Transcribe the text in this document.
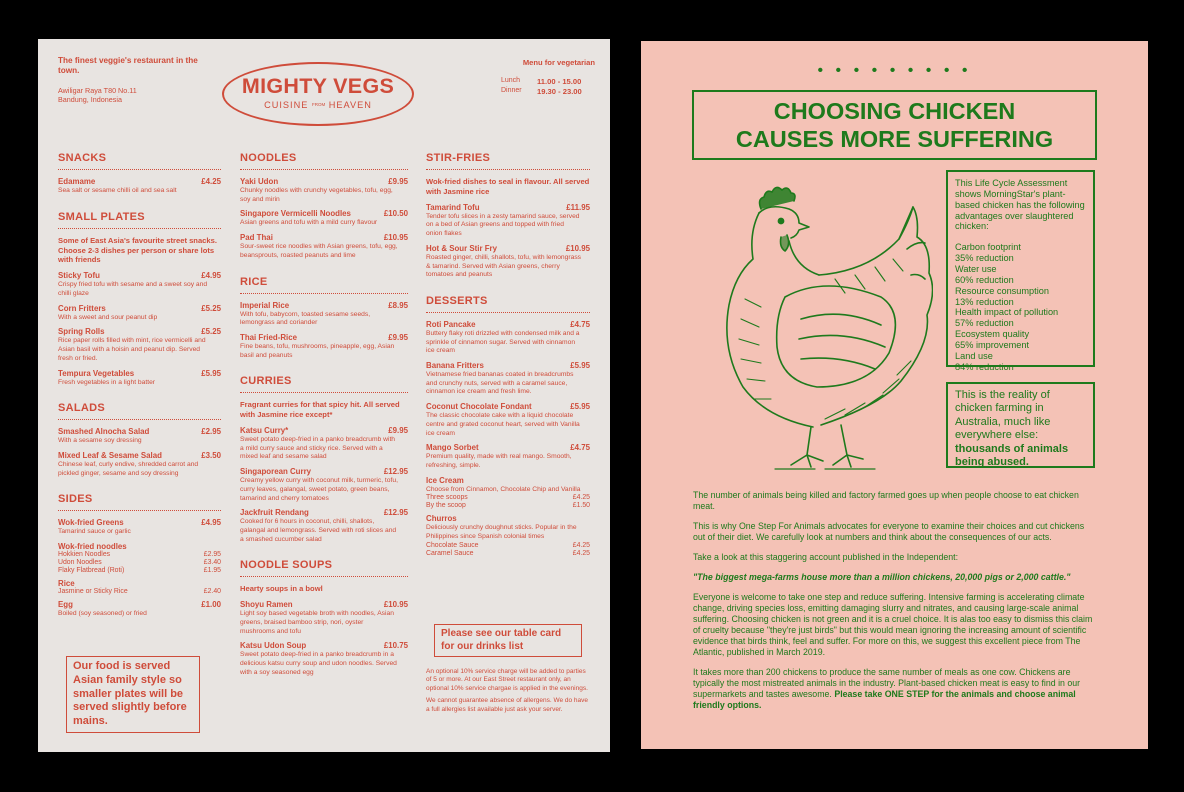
The finest veggie's restaurant in the town.
Awiligar Raya T80 No.11
Bandung, Indonesia
MIGHTY VEGS
CUISINE $^{FROM}$ HEAVEN
Menu for vegetarian
Lunch	11.00 - 15.00
Dinner	19.30 - 23.00
SNACKS
Edamame	£4.25
Sea salt or sesame chilli oil and sea salt
SMALL PLATES
Some of East Asia's favourite street snacks. Choose 2-3 dishes per person or share lots with friends
Sticky Tofu	£4.95
Crispy fried tofu with sesame and a sweet soy and chilli glaze
Corn Fritters	£5.25
With a sweet and sour peanut dip
Spring Rolls	£5.25
Rice paper rolls filled with mint, rice vermicelli and Asian basil with a hoisin and peanut dip. Served fresh or fried.
Tempura Vegetables	£5.95
Fresh vegetables in a light batter
SALADS
Smashed Alnocha Salad	£2.95
With a sesame soy dressing
Mixed Leaf & Sesame Salad	£3.50
Chinese leaf, curly endive, shredded carrot and pickled ginger, sesame and soy dressing
SIDES
Wok-fried Greens	£4.95
Tamarind sauce or garlic
Wok-fried noodles
Hokkien Noodles	£2.95
Udon Noodles	£3.40
Flaky Flatbread (Roti)	£1.95
Rice
Jasmine or Sticky Rice	£2.40
Egg	£1.00
Boiled (soy seasoned) or fried
NOODLES
Yaki Udon	£9.95
Chunky noodles with crunchy vegetables, tofu, egg, soy and mirin
Singapore Vermicelli Noodles	£10.50
Asian greens and tofu with a mild curry flavour
Pad Thai	£10.95
Sour-sweet rice noodles with Asian greens, tofu, egg, beansprouts, roasted peanuts and lime
RICE
Imperial Rice	£8.95
With tofu, babycorn, toasted sesame seeds, lemongrass and coriander
Thai Fried-Rice	£9.95
Fine beans, tofu, mushrooms, pineapple, egg, Asian basil and peanuts
CURRIES
Fragrant curries for that spicy hit. All served with Jasmine rice except*
Katsu Curry*	£9.95
Sweet potato deep-fried in a panko breadcrumb with a mild curry sauce and sticky rice. Served with a mixed leaf and sesame salad
Singaporean Curry	£12.95
Creamy yellow curry with coconut milk, turmeric, tofu, curry leaves, galangal, sweet potato, green beans, tamarind and cherry tomatoes
Jackfruit Rendang	£12.95
Cooked for 6 hours in coconut, chilli, shallots, galangal and lemongrass. Served with roti slices and a smashed cucumber salad
NOODLE SOUPS
Hearty soups in a bowl
Shoyu Ramen	£10.95
Light soy based vegetable broth with noodles, Asian greens, braised bamboo strip, nori, oyster mushrooms and tofu
Katsu Udon Soup	£10.75
Sweet potato deep-fried in a panko breadcrumb in a delicious katsu curry soup and udon noodles. Served with a soy seasoned egg
STIR-FRIES
Wok-fried dishes to seal in flavour. All served with Jasmine rice
Tamarind Tofu	£11.95
Tender tofu slices in a zesty tamarind sauce, served on a bed of Asian greens and topped with fried onion flakes
Hot & Sour Stir Fry	£10.95
Roasted ginger, chilli, shallots, tofu, with lemongrass & tamarind. Served with Asian greens, cherry tomatoes and peanuts
DESSERTS
Roti Pancake	£4.75
Buttery flaky roti drizzled with condensed milk and a sprinkle of cinnamon sugar. Served with cinnamon ice cream
Banana Fritters	£5.95
Vietnamese fried bananas coated in breadcrumbs and crunchy nuts, served with a caramel sauce, cinnamon ice cream and fresh lime.
Coconut Chocolate Fondant	£5.95
The classic chocolate cake with a liquid chocolate centre and grated coconut heart, served with Vanilla ice cream
Mango Sorbet	£4.75
Premium quality, made with real mango. Smooth, refreshing, simple.
Ice Cream
Choose from Cinnamon, Chocolate Chip and Vanilla
Three scoops	£4.25
By the scoop	£1.50
Churros
Deliciously crunchy doughnut sticks. Popular in the Philippines since Spanish colonial times
Chocolate Sauce	£4.25
Caramel Sauce	£4.25
Our food is served Asian family style so smaller plates will be served slightly before mains.
Please see our table card for our drinks list

An optional 10% service charge will be added to parties of 5 or more. At our East Street restaurant only, an optional 10% service chargae is applied in the evenings.

We cannot guarantee absence of allergens. We do have a full allergies list available just ask your server.

• • • • • • • • •
CHOOSING CHICKEN
CAUSES MORE SUFFERING
This Life Cycle Assessment shows MorningStar's plant-based chicken has the following advantages over slaughtered chicken:
Carbon footprint
35% reduction
Water use
60% reduction
Resource consumption
13% reduction
Health impact of pollution
57% reduction
Ecosystem quality
65% improvement
Land use
84% reduction
This is the reality of chicken farming in Australia, much like everywhere else: thousands of animals being abused.

The number of animals being killed and factory farmed goes up when people choose to eat chicken meat.

This is why One Step For Animals advocates for everyone to examine their choices and cut chickens out of their diet. We carefully look at numbers and think about the consequences of our acts.

Take a look at this staggering account published in the Independent:

"The biggest mega-farms house more than a million chickens, 20,000 pigs or 2,000 cattle."

Everyone is welcome to take one step and reduce suffering. Intensive farming is accelerating climate change, driving species loss, emitting damaging slurry and nitrates, and causing large-scale animal suffering. Choosing chicken is not green and it is a cruel choice. It is alas too easy to dismiss this claim of cruelty because "they're just birds" but this would mean ignoring the increasing amount of scientific evidence that birds think, feel and suffer. For more on this, we suggest this excellent piece from The Atlantic, published in March 2019.

It takes more than 200 chickens to produce the same number of meals as one cow. Chickens are typically the most mistreated animals in the industry. Plant-based chicken meat is easy to find in our supermarkets and tastes awesome. Please take ONE STEP for the animals and choose animal friendly options.
